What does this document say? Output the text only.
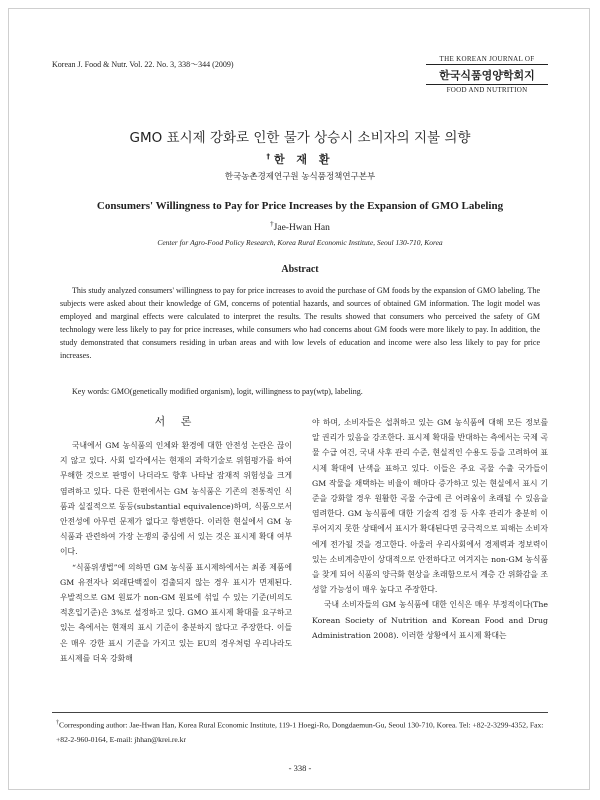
Korean J. Food & Nutr. Vol. 22. No. 3, 338～344 (2009)
THE KOREAN JOURNAL OF
한국식품영양학회지
FOOD AND NUTRITION
GMO 표시제 강화로 인한 물가 상승시 소비자의 지불 의향
†한 재 환
한국농촌경제연구원 농식품정책연구본부
Consumers' Willingness to Pay for Price Increases by the Expansion of GMO Labeling
†Jae-Hwan Han
Center for Agro-Food Policy Research, Korea Rural Economic Institute, Seoul 130-710, Korea
Abstract
This study analyzed consumers' willingness to pay for price increases to avoid the purchase of GM foods by the expansion of GMO labeling. The subjects were asked about their knowledge of GM, concerns of potential hazards, and sources of obtained GM information. The logit model was employed and marginal effects were calculated to interpret the results. The results showed that consumers who perceived the safety of GM technology were less likely to pay for price increases, while consumers who had concerns about GM foods were more likely to pay. In addition, the study demonstrated that consumers residing in urban areas and with low levels of education and income were also less likely to pay for price increases.
Key words: GMO(genetically modified organism), logit, willingness to pay(wtp), labeling.
서 론

국내에서 GM 농식품의 인체와 환경에 대한 안전성 논란은 끊이지 않고 있다. 사회 일각에서는 현재의 과학기술로 위험평가를 하여 무해한 것으로 판명이 나더라도 향후 나타날 잠재적 위험성을 크게 염려하고 있다. 다른 한편에서는 GM 농식품은 기존의 전통적인 식품과 실질적으로 동등(substantial equivalence)하며, 식품으로서 안전성에 아무런 문제가 없다고 항변한다. 이러한 현실에서 GM 농식품과 관련하여 가장 논쟁의 중심에 서 있는 것은 표시제 확대 여부이다.

“식품위생법”에 의하면 GM 농식품 표시제하에서는 최종 제품에 GM 유전자나 외래단백질이 검출되지 않는 경우 표시가 면제된다. 우발적으로 GM 원료가 non-GM 원료에 섞일 수 있는 기준(비의도적혼입기준)은 3%로 설정하고 있다. GMO 표시제 확대를 요구하고 있는 측에서는 현재의 표시 기준이 충분하지 않다고 주장한다. 이들은 매우 강한 표시 기준을 가지고 있는 EU의 경우처럼 우리나라도 표시제를 더욱 강화해

야 하며, 소비자들은 섭취하고 있는 GM 농식품에 대해 모든 정보를 알 권리가 있음을 강조한다. 표시제 확대를 반대하는 측에서는 국제 곡물 수급 여건, 국내 사후 관리 수준, 현실적인 수용도 등을 고려하여 표시제 확대에 난색을 표하고 있다. 이들은 주요 곡물 수출 국가들이 GM 작물을 채택하는 비율이 해마다 증가하고 있는 현실에서 표시 기준을 강화할 경우 원활한 곡물 수급에 큰 어려움이 초래될 수 있음을 염려한다. GM 농식품에 대한 기술적 검정 등 사후 관리가 충분히 이루어지지 못한 상태에서 표시가 확대된다면 궁극적으로 피해는 소비자에게 전가될 것을 경고한다. 아울러 우리사회에서 경제력과 정보력이 있는 소비계층만이 상대적으로 안전하다고 여겨지는 non-GM 농식품을 찾게 되어 식품의 양극화 현상을 초래함으로서 계층 간 위화감을 조성할 가능성이 매우 높다고 주장한다.

국내 소비자들의 GM 농식품에 대한 인식은 매우 부정적이다(The Korean Society of Nutrition and Korean Food and Drug Administration 2008). 이러한 상황에서 표시제 확대는

†Corresponding author: Jae-Hwan Han, Korea Rural Economic Institute, 119-1 Hoegi-Ro, Dongdaemun-Gu, Seoul 130-710, Korea. Tel: +82-2-3299-4352, Fax: +82-2-960-0164, E-mail: jhhan@krei.re.kr
- 338 -
